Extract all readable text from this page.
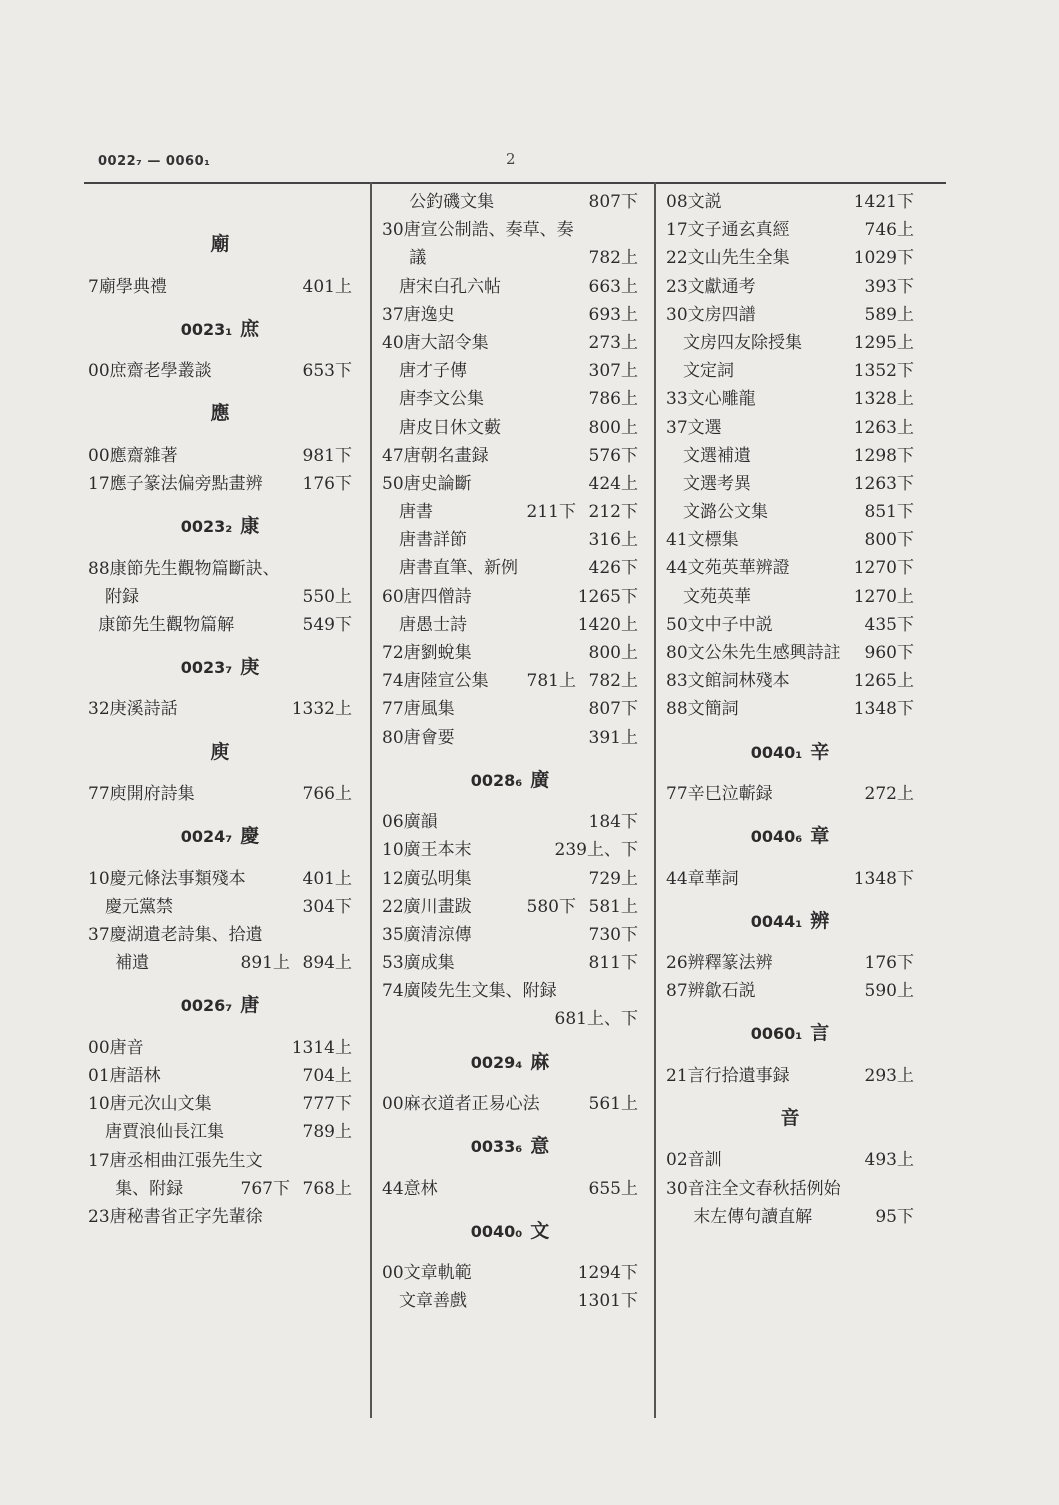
0022₇ — 0060₁	2
廟
7廟學典禮	401上
0023₁ 庶
00庶齋老學叢談	653下
應
00應齋雜著	981下
17應子篆法偏旁點畫辨 176下
0023₂ 康
88康節先生觀物篇斷訣、
附録	550上
康節先生觀物篇解	549下
0023₇ 庚
32庚溪詩話	1332上
庾
77庾開府詩集	766上
0024₇ 慶
10慶元條法事類殘本	401上
慶元黨禁	304下
37慶湖遺老詩集、拾遺
補遺	891上 894上
0026₇ 唐
00唐音	1314上
01唐語林	704上
10唐元次山文集	777下
唐賈浪仙長江集	789上
17唐丞相曲江張先生文
集、附録	767下 768上
23唐秘書省正字先輩徐
公釣磯文集	807下
30唐宣公制誥、奏草、奏
議	782上
唐宋白孔六帖	663上
37唐逸史	693上
40唐大詔令集	273上
唐才子傳	307上
唐李文公集	786上
唐皮日休文藪	800上
47唐朝名畫録	576下
50唐史論斷	424上
唐書	211下 212下
唐書詳節	316上
唐書直筆、新例	426下
60唐四僧詩	1265下
唐愚士詩	1420上
72唐劉蛻集	800上
74唐陸宣公集 781上 782上
77唐風集	807下
80唐會要	391上
0028₆ 廣
06廣韻	184下
10廣王本末	239上、下
12廣弘明集	729上
22廣川畫跋	580下 581上
35廣清涼傳	730下
53廣成集	811下
74廣陵先生文集、附録
681上、下
0029₄ 麻
00麻衣道者正易心法	561上
0033₆ 意
44意林	655上
0040₀ 文
00文章軌範	1294下
文章善戲	1301下
08文説	1421下
17文子通玄真經	746上
22文山先生全集	1029下
23文獻通考	393下
30文房四譜	589上
文房四友除授集	1295上
文定詞	1352下
33文心雕龍	1328上
37文選	1263上
文選補遺	1298下
文選考異	1263下
文潞公文集	851下
41文標集	800下
44文苑英華辨證	1270下
文苑英華	1270上
50文中子中説	435下
80文公朱先生感興詩註 960下
83文館詞林殘本	1265上
88文簡詞	1348下
0040₁ 辛
77辛巳泣蘄録	272上
0040₆ 章
44章華詞	1348下
0044₁ 辨
26辨釋篆法辨	176下
87辨歙石説	590上
0060₁ 言
21言行拾遺事録	293上
音
02音訓	493上
30音注全文春秋括例始
末左傳句讀直解	95下
